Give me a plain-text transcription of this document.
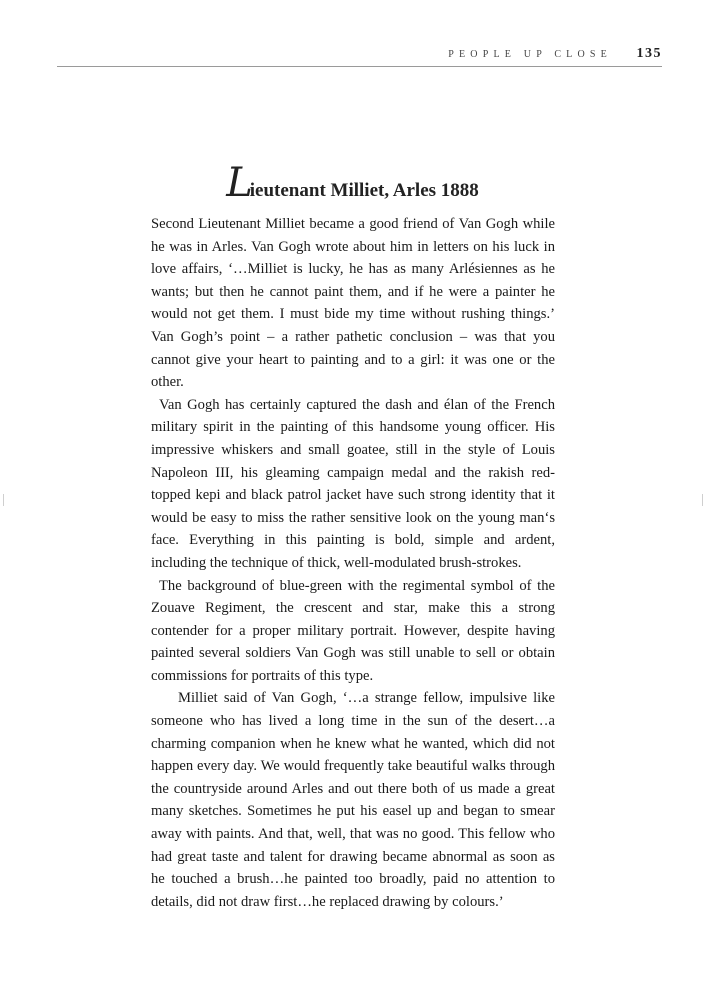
PEOPLE UP CLOSE 135
Lieutenant Milliet, Arles 1888

Second Lieutenant Milliet became a good friend of Van Gogh while he was in Arles. Van Gogh wrote about him in letters on his luck in love affairs, ‘…Milliet is lucky, he has as many Arlésiennes as he wants; but then he cannot paint them, and if he were a painter he would not get them. I must bide my time without rushing things.’ Van Gogh’s point – a rather pathetic conclusion – was that you cannot give your heart to painting and to a girl: it was one or the other.

Van Gogh has certainly captured the dash and élan of the French military spirit in the painting of this handsome young officer. His impressive whiskers and small goatee, still in the style of Louis Napoleon III, his gleaming campaign medal and the rakish red-topped kepi and black patrol jacket have such strong identity that it would be easy to miss the rather sensitive look on the young man‘s face. Everything in this painting is bold, simple and ardent, including the technique of thick, well-modulated brush-strokes.

The background of blue-green with the regimental symbol of the Zouave Regiment, the crescent and star, make this a strong contender for a proper military portrait. However, despite having painted several soldiers Van Gogh was still unable to sell or obtain commissions for portraits of this type.

Milliet said of Van Gogh, ‘…a strange fellow, impulsive like someone who has lived a long time in the sun of the desert…a charming companion when he knew what he wanted, which did not happen every day. We would frequently take beautiful walks through the countryside around Arles and out there both of us made a great many sketches. Sometimes he put his easel up and began to smear away with paints. And that, well, that was no good. This fellow who had great taste and talent for drawing became abnormal as soon as he touched a brush…he painted too broadly, paid no attention to details, did not draw first…he replaced drawing by colours.’
